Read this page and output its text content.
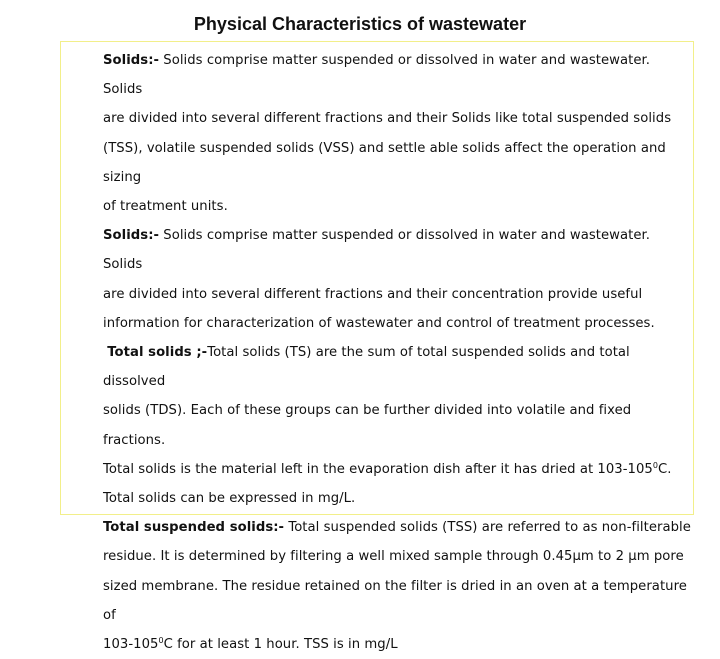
Physical Characteristics of wastewater
Solids:- Solids comprise matter suspended or dissolved in water and wastewater. Solids
are divided into several different fractions and their Solids like total suspended solids
(TSS), volatile suspended solids (VSS) and settle able solids affect the operation and sizing
of treatment units.
Solids:- Solids comprise matter suspended or dissolved in water and wastewater. Solids
are divided into several different fractions and their concentration provide useful
information for characterization of wastewater and control of treatment processes.
Total solids ;-Total solids (TS) are the sum of total suspended solids and total dissolved
solids (TDS). Each of these groups can be further divided into volatile and fixed fractions.
Total solids is the material left in the evaporation dish after it has dried at $103-105^0C$.
Total solids can be expressed in mg/L.
Total suspended solids:- Total suspended solids (TSS) are referred to as non-filterable
residue. It is determined by filtering a well mixed sample through 0.45µm to 2 µm pore
sized membrane. The residue retained on the filter is dried in an oven at a temperature of
$103-105^0C$ for at least 1 hour. TSS is in mg/L
